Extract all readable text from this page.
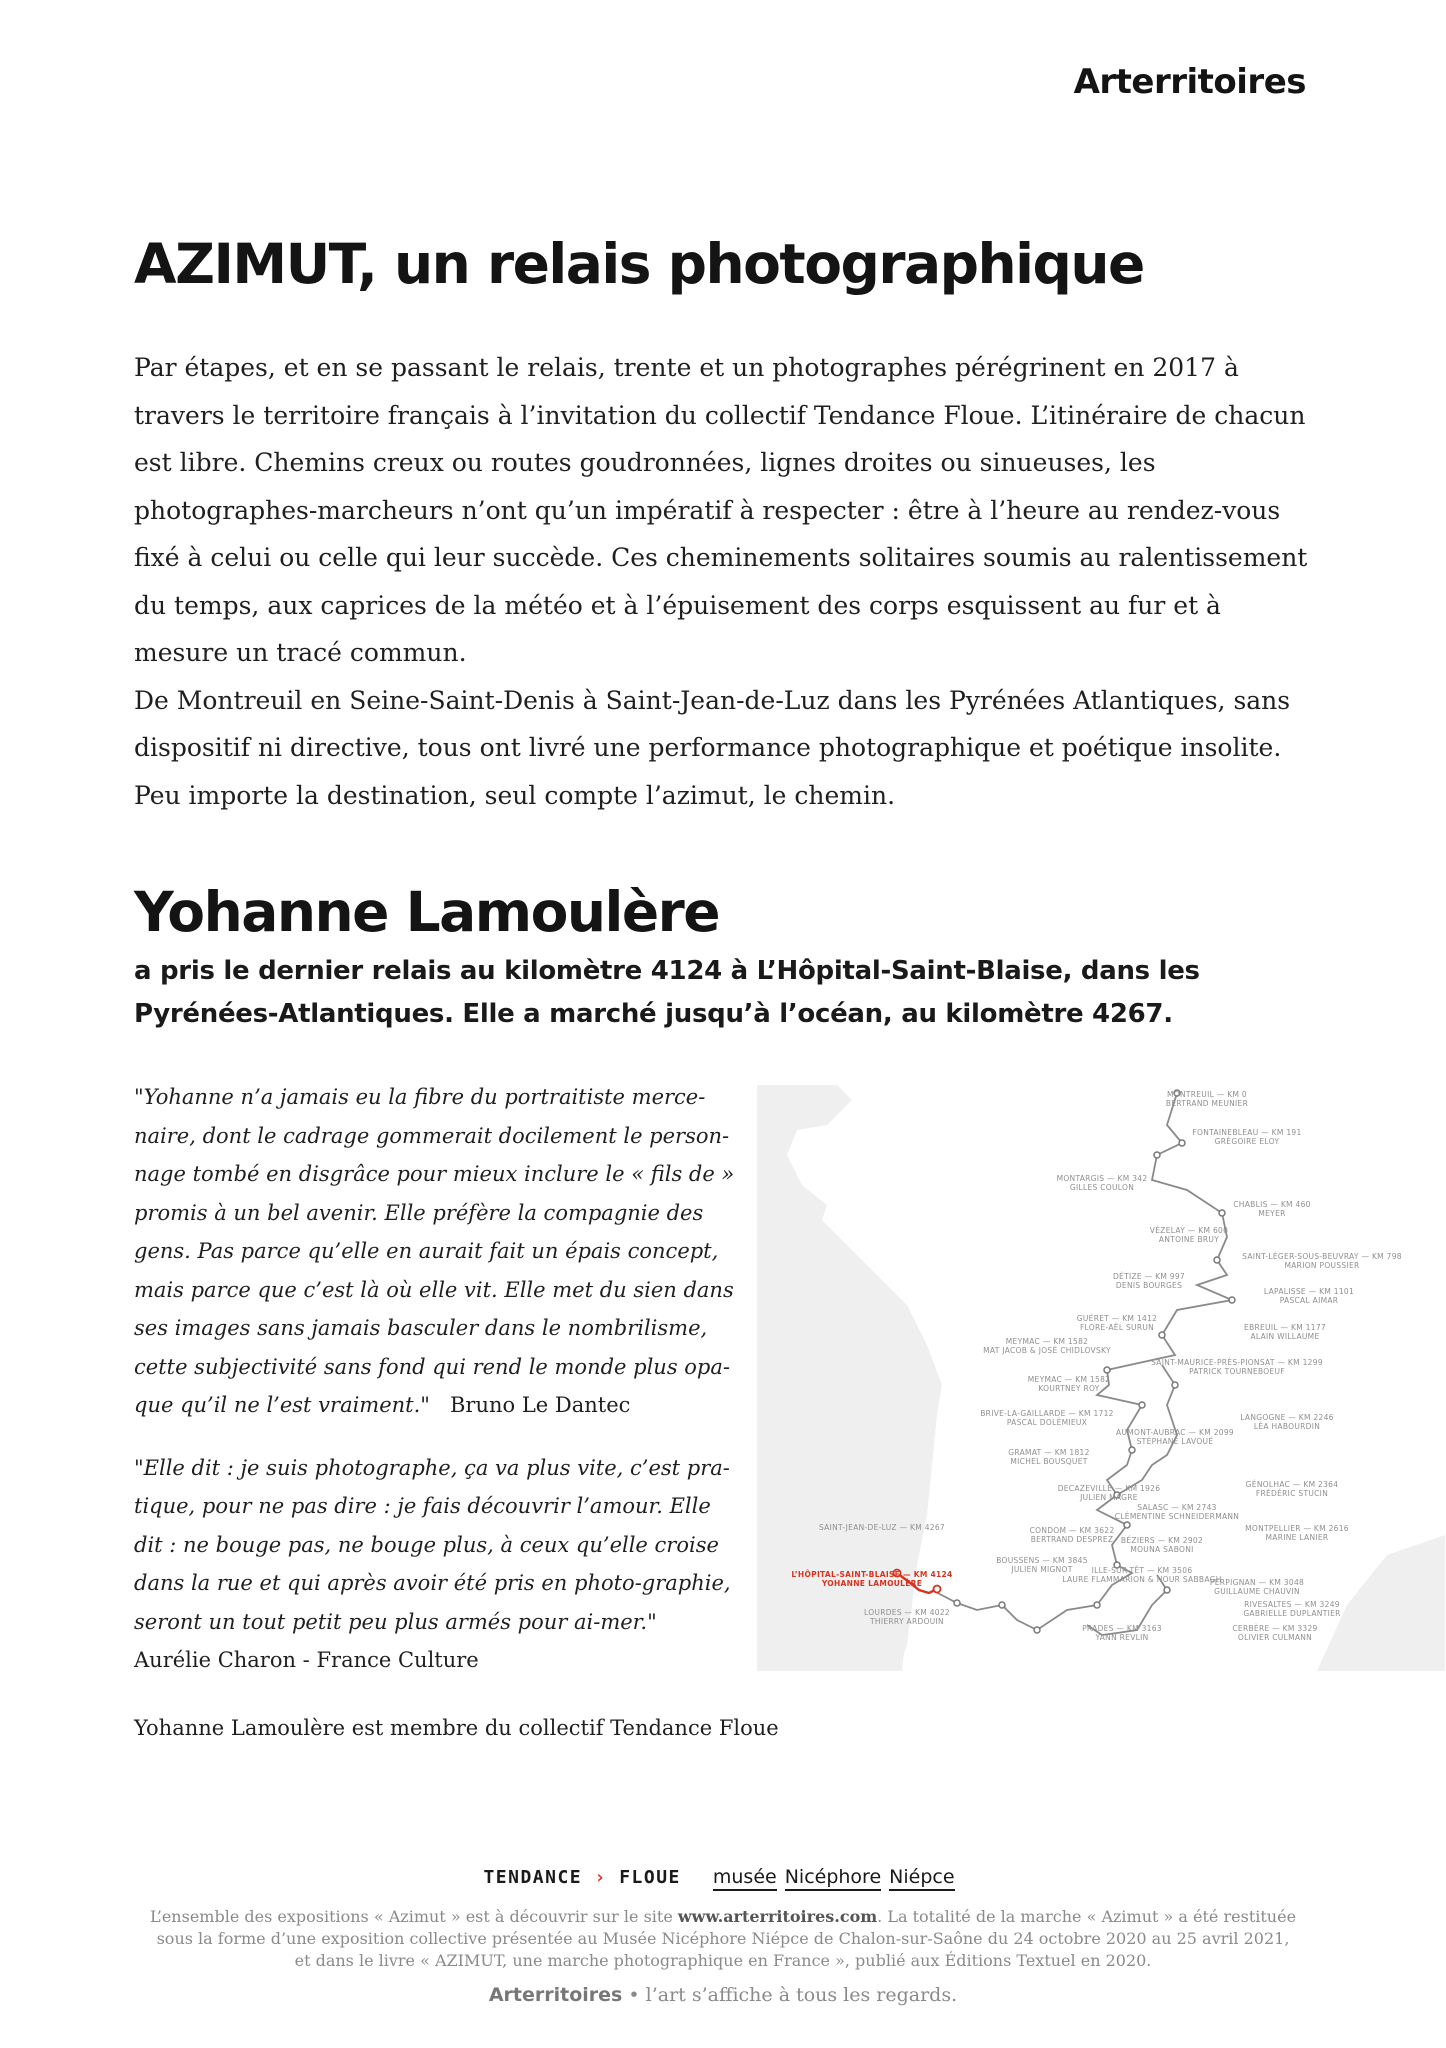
Arterritoires
AZIMUT, un relais photographique

Par étapes, et en se passant le relais, trente et un photographes pérégrinent en 2017 à travers le territoire français à l’invitation du collectif Tendance Floue. L’itinéraire de chacun est libre. Chemins creux ou routes goudronnées, lignes droites ou sinueuses, les photographes-marcheurs n’ont qu’un impératif à respecter : être à l’heure au rendez-vous fixé à celui ou celle qui leur succède. Ces cheminements solitaires soumis au ralentissement du temps, aux caprices de la météo et à l’épuisement des corps esquissent au fur et à mesure un tracé commun.

De Montreuil en Seine-Saint-Denis à Saint-Jean-de-Luz dans les Pyrénées Atlantiques, sans dispositif ni directive, tous ont livré une performance photographique et poétique insolite. Peu importe la destination, seul compte l’azimut, le chemin.

Yohanne Lamoulère
a pris le dernier relais au kilomètre 4124 à L’Hôpital-Saint-Blaise, dans les Pyrénées-Atlantiques. Elle a marché jusqu’à l’océan, au kilomètre 4267.

"Yohanne n’a jamais eu la fibre du portraitiste merce-naire, dont le cadrage gommerait docilement le person-nage tombé en disgrâce pour mieux inclure le « fils de » promis à un bel avenir. Elle préfère la compagnie des gens. Pas parce qu’elle en aurait fait un épais concept, mais parce que c’est là où elle vit. Elle met du sien dans ses images sans jamais basculer dans le nombrilisme, cette subjectivité sans fond qui rend le monde plus opa-que qu’il ne l’est vraiment." Bruno Le Dantec

"Elle dit : je suis photographe, ça va plus vite, c’est pra-tique, pour ne pas dire : je fais découvrir l’amour. Elle dit : ne bouge pas, ne bouge plus, à ceux qu’elle croise dans la rue et qui après avoir été pris en photo-graphie, seront un tout petit peu plus armés pour ai-mer."   Aurélie Charon - France Culture

Yohanne Lamoulère est membre du collectif Tendance Floue
MONTREUIL — KM 0
BERTRAND MEUNIER
FONTAINEBLEAU — KM 191
GRÉGOIRE ELOY
MONTARGIS — KM 342
GILLES COULON
CHABLIS — KM 460
MEYER
VÉZELAY — KM 600
ANTOINE BRUY
SAINT-LÉGER-SOUS-BEUVRAY — KM 798
MARION POUSSIER
DÉTIZE — KM 997
DENIS BOURGES
LAPALISSE — KM 1101
PASCAL AIMAR
GUÉRET — KM 1412
FLORE-AËL SURUN	EBREUIL — KM 1177
ALAIN WILLAUME
MEYMAC — KM 1582
MAT JACOB & JOSÉ CHIDLOVSKY
SAINT-MAURICE-PRÈS-PIONSAT — KM 1299
PATRICK TOURNEBOEUF
MEYMAC — KM 1582
KOURTNEY ROY
BRIVE-LA-GAILLARDE — KM 1712
PASCAL DOLÉMIEUX
LANGOGNE — KM 2246
LÉA HABOURDIN
AUMONT-AUBRAC — KM 2099
STÉPHANE LAVOUÉ
GRAMAT — KM 1812
MICHEL BOUSQUET
DECAZEVILLE — KM 1926
JULIEN MAGRE
GÉNOLHAC — KM 2364
FRÉDÉRIC STUCIN
SALASC — KM 2743
CLÉMENTINE SCHNEIDERMANN
MONTPELLIER — KM 2616
MARINE LANIER
SAINT-JEAN-DE-LUZ — KM 4267	CONDOM — KM 3622
BERTRAND DESPREZ BÉZIERS — KM 2902
MOUNA SABONI
BOUSSENS — KM 3845
JULIEN MIGNOT	ILLE-SUR-TÊT — KM 3506
LAURE FLAMMARION & NOUR SABBAGH
PERPIGNAN — KM 3048
GUILLAUME CHAUVIN
RIVESALTES — KM 3249
GABRIELLE DUPLANTIER
LOURDES — KM 4022
THIERRY ARDOUIN
PRADES — KM 3163
YANN REVLIN
CERBÈRE — KM 3329
OLIVIER CULMANN
L’HÔPITAL-SAINT-BLAISE — KM 4124
YOHANNE LAMOULÈRE
TENDANCE › FLOUE musée Nicéphore Niépce

L’ensemble des expositions « Azimut » est à découvrir sur le site www.arterritoires.com. La totalité de la marche « Azimut » a été restituée

sous la forme d’une exposition collective présentée au Musée Nicéphore Niépce de Chalon-sur-Saône du 24 octobre 2020 au 25 avril 2021,

et dans le livre « AZIMUT, une marche photographique en France », publié aux Éditions Textuel en 2020.

Arterritoires • l’art s’affiche à tous les regards.
